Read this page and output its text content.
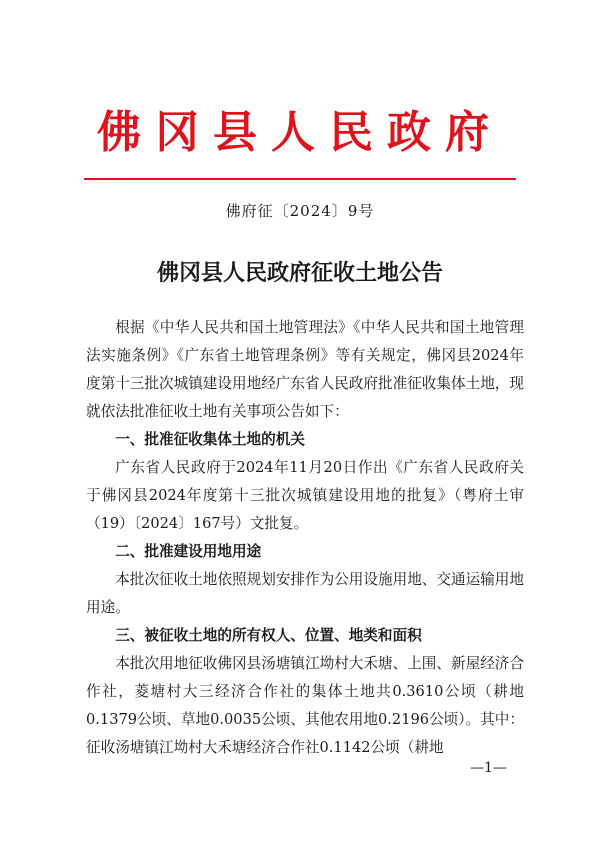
佛冈县人民政府
佛府征〔2024〕9号
佛冈县人民政府征收土地公告

根据《中华人民共和国土地管理法》《中华人民共和国土地管理法实施条例》《广东省土地管理条例》等有关规定，佛冈县2024年度第十三批次城镇建设用地经广东省人民政府批准征收集体土地，现就依法批准征收土地有关事项公告如下：

一、批准征收集体土地的机关

广东省人民政府于2024年11月20日作出《广东省人民政府关于佛冈县2024年度第十三批次城镇建设用地的批复》（粤府土审（19）〔2024〕167号）文批复。

二、批准建设用地用途

本批次征收土地依照规划安排作为公用设施用地、交通运输用地用途。

三、被征收土地的所有权人、位置、地类和面积

本批次用地征收佛冈县汤塘镇江坳村大禾塘、上围、新屋经济合作社，菱塘村大三经济合作社的集体土地共0.3610公顷（耕地0.1379公顷、草地0.0035公顷、其他农用地0.2196公顷）。其中：征收汤塘镇江坳村大禾塘经济合作社0.1142公顷（耕地

—1—
